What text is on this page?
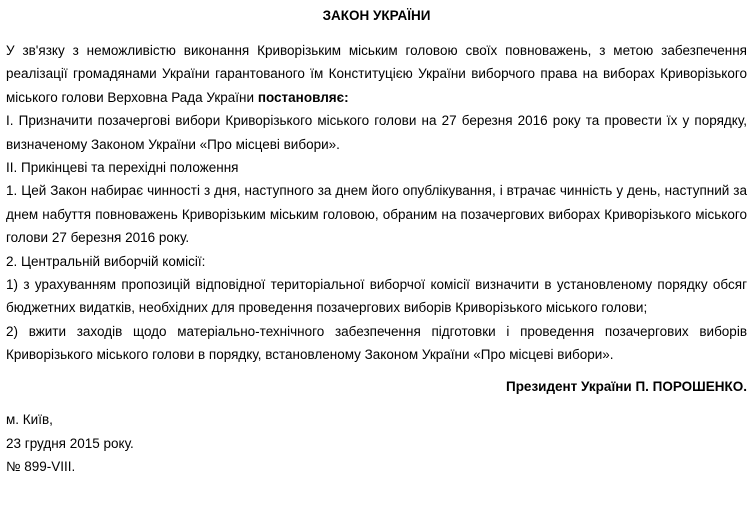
ЗАКОН УКРАЇНИ

У зв'язку з неможливістю виконання Криворізьким міським головою своїх повноважень, з метою забезпечення реалізації громадянами України гарантованого їм Конституцією України виборчого права на виборах Криворізького міського голови Верховна Рада України постановляє:

I. Призначити позачергові вибори Криворізького міського голови на 27 березня 2016 року та провести їх у порядку, визначеному Законом України «Про місцеві вибори».

II. Прикінцеві та перехідні положення

1. Цей Закон набирає чинності з дня, наступного за днем його опублікування, і втрачає чинність у день, наступний за днем набуття повноважень Криворізьким міським головою, обраним на позачергових виборах Криворізького міського голови 27 березня 2016 року.

2. Центральній виборчій комісії:

1) з урахуванням пропозицій відповідної територіальної виборчої комісії визначити в установленому порядку обсяг бюджетних видатків, необхідних для проведення позачергових виборів Криворізького міського голови;

2) вжити заходів щодо матеріально-технічного забезпечення підготовки і проведення позачергових виборів Криворізького міського голови в порядку, встановленому Законом України «Про місцеві вибори».

Президент України П. ПОРОШЕНКО.

м. Київ,

23 грудня 2015 року.

№ 899-VIII.
